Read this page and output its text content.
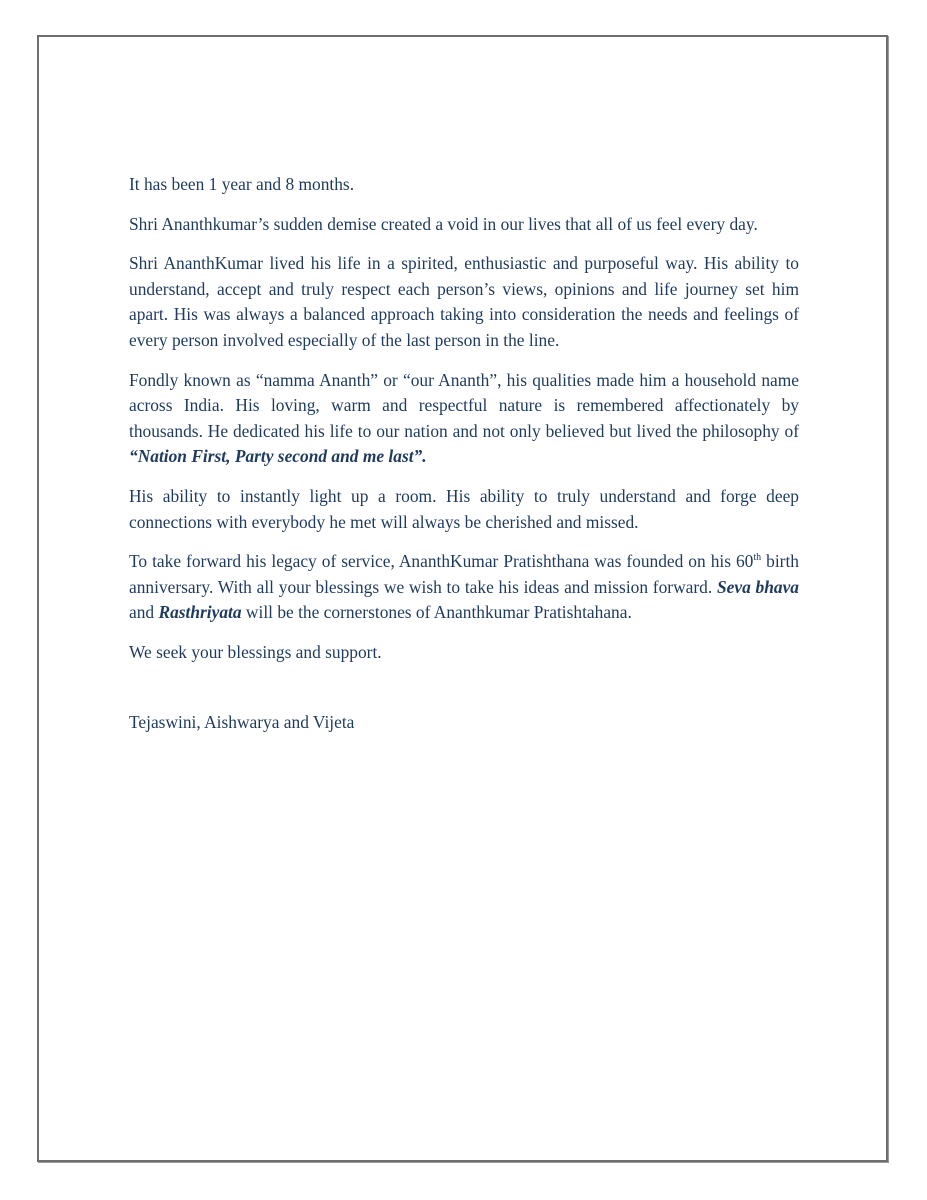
It has been 1 year and 8 months.

Shri Ananthkumar’s sudden demise created a void in our lives that all of us feel every day.

Shri AnanthKumar lived his life in a spirited, enthusiastic and purposeful way. His ability to understand, accept and truly respect each person’s views, opinions and life journey set him apart. His was always a balanced approach taking into consideration the needs and feelings of every person involved especially of the last person in the line.

Fondly known as “namma Ananth” or “our Ananth”, his qualities made him a household name across India. His loving, warm and respectful nature is remembered affectionately by thousands. He dedicated his life to our nation and not only believed but lived the philosophy of “Nation First, Party second and me last”.

His ability to instantly light up a room. His ability to truly understand and forge deep connections with everybody he met will always be cherished and missed.

To take forward his legacy of service, AnanthKumar Pratishthana was founded on his 60th birth anniversary. With all your blessings we wish to take his ideas and mission forward. Seva bhava and Rasthriyata will be the cornerstones of Ananthkumar Pratishtahana.

We seek your blessings and support.

Tejaswini, Aishwarya and Vijeta
